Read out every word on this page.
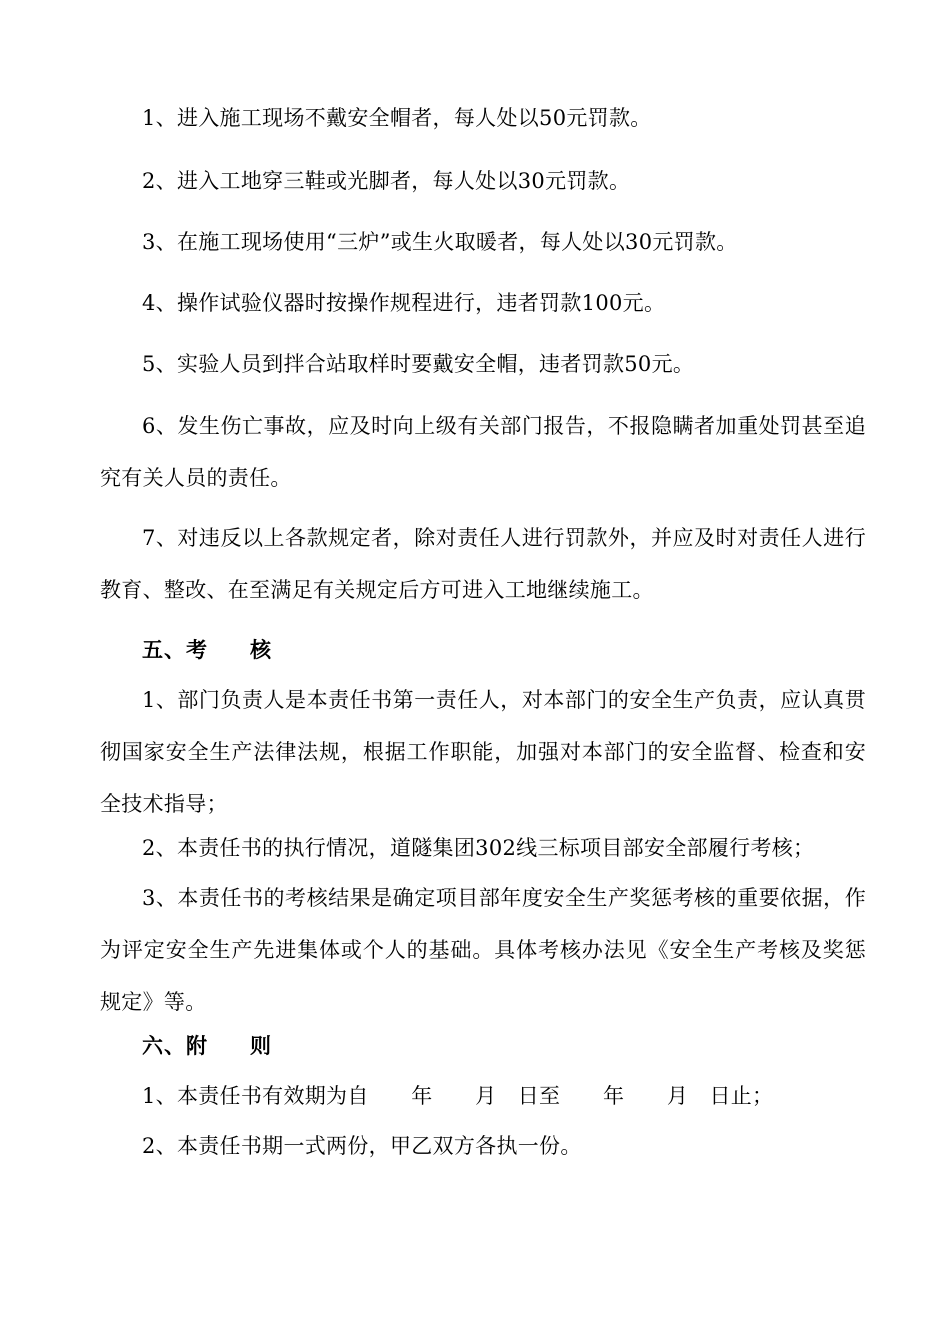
1、进入施工现场不戴安全帽者，每人处以50元罚款。

2、进入工地穿三鞋或光脚者，每人处以30元罚款。

3、在施工现场使用“三炉”或生火取暖者，每人处以30元罚款。

4、操作试验仪器时按操作规程进行，违者罚款100元。

5、实验人员到拌合站取样时要戴安全帽，违者罚款50元。

6、发生伤亡事故，应及时向上级有关部门报告，不报隐瞒者加重处罚甚至追究有关人员的责任。

7、对违反以上各款规定者，除对责任人进行罚款外，并应及时对责任人进行教育、整改、在至满足有关规定后方可进入工地继续施工。

五、考 核

1、部门负责人是本责任书第一责任人，对本部门的安全生产负责，应认真贯彻国家安全生产法律法规，根据工作职能，加强对本部门的安全监督、检查和安全技术指导；

2、本责任书的执行情况，道隧集团302线三标项目部安全部履行考核；

3、本责任书的考核结果是确定项目部年度安全生产奖惩考核的重要依据，作为评定安全生产先进集体或个人的基础。具体考核办法见《安全生产考核及奖惩规定》等。

六、附 则

1、本责任书有效期为自　　年　　月　日至　　年　　月　日止；

2、本责任书期一式两份，甲乙双方各执一份。
